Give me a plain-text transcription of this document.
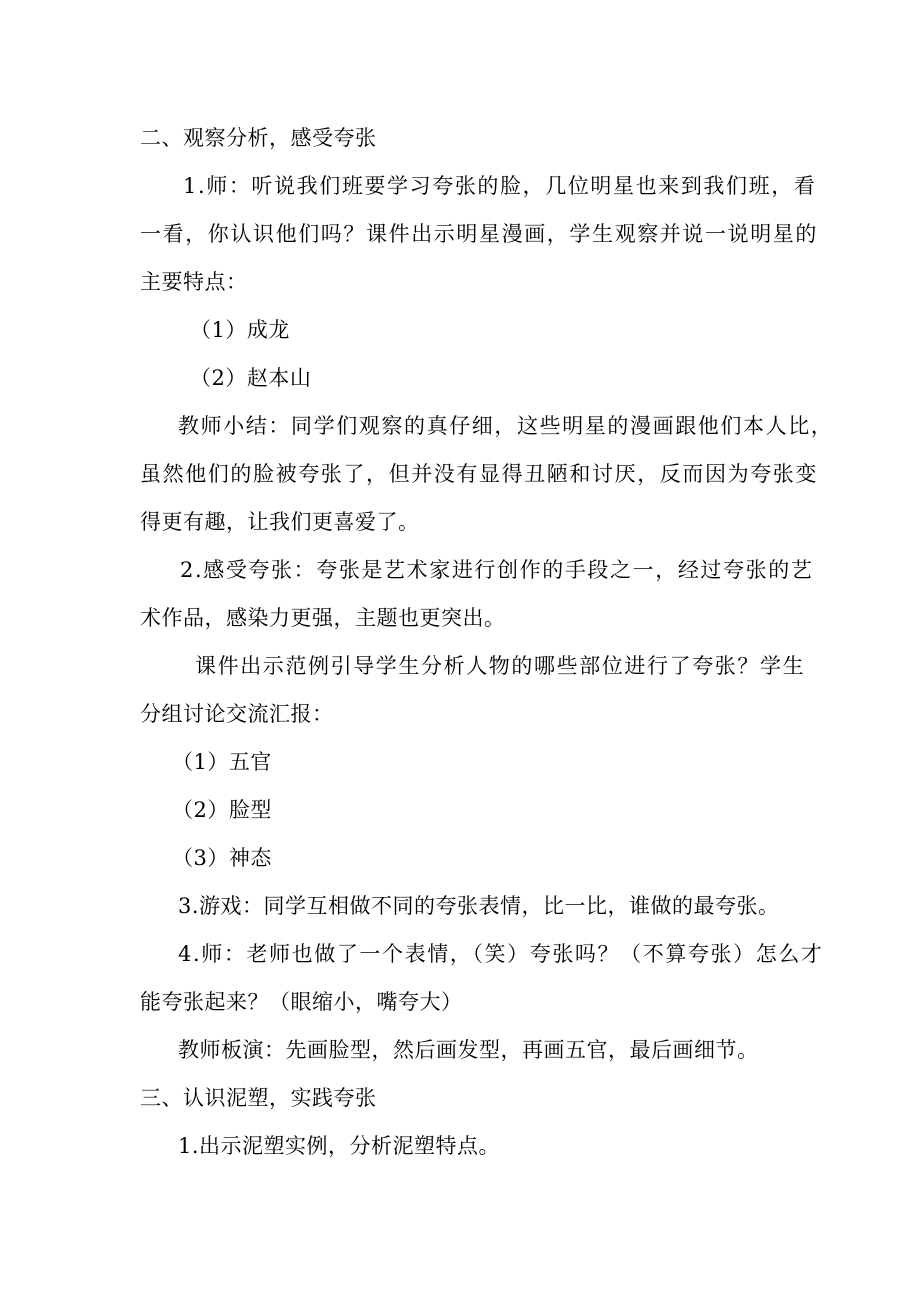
二、观察分析，感受夸张
1.师：听说我们班要学习夸张的脸，几位明星也来到我们班，看
一看，你认识他们吗？课件出示明星漫画，学生观察并说一说明星的
主要特点：
（1）成龙
（2）赵本山
教师小结：同学们观察的真仔细，这些明星的漫画跟他们本人比，
虽然他们的脸被夸张了，但并没有显得丑陋和讨厌，反而因为夸张变
得更有趣，让我们更喜爱了。
2.感受夸张：夸张是艺术家进行创作的手段之一，经过夸张的艺
术作品，感染力更强，主题也更突出。
课件出示范例引导学生分析人物的哪些部位进行了夸张？学生
分组讨论交流汇报：
（1）五官
（2）脸型
（3）神态
3.游戏：同学互相做不同的夸张表情，比一比，谁做的最夸张。
4.师：老师也做了一个表情，（笑）夸张吗？（不算夸张）怎么才
能夸张起来？（眼缩小，嘴夸大）
教师板演：先画脸型，然后画发型，再画五官，最后画细节。
三、认识泥塑，实践夸张
1.出示泥塑实例，分析泥塑特点。
